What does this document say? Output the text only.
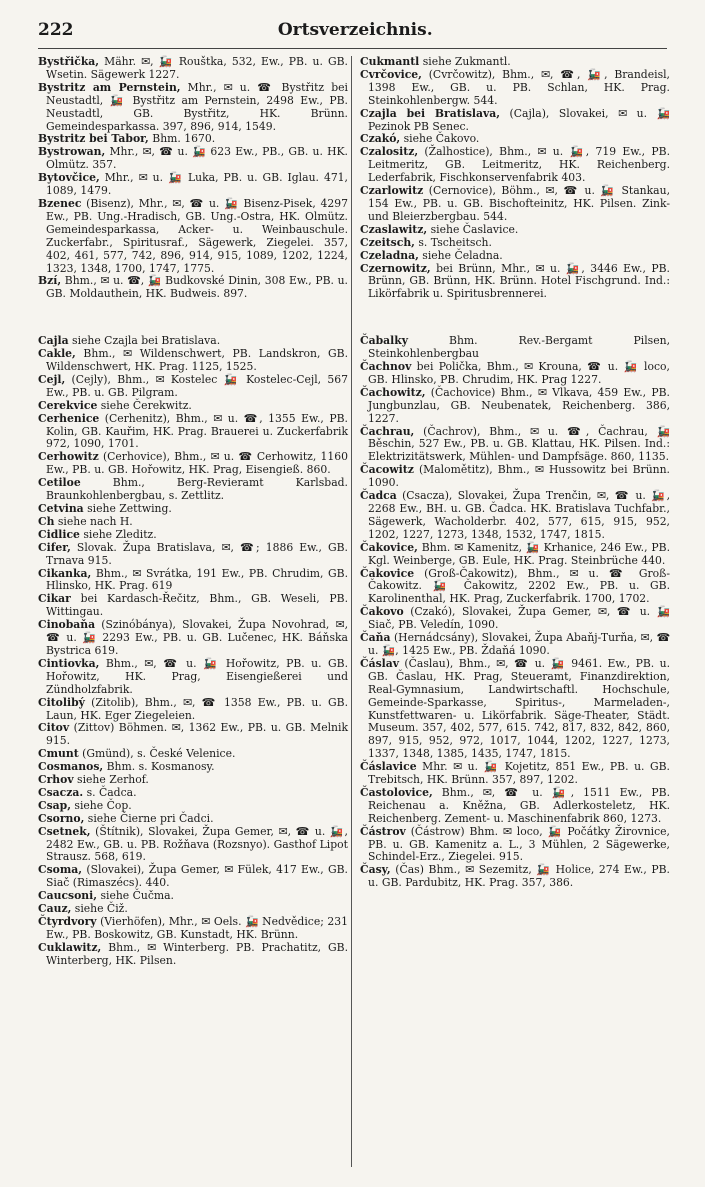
222	Ortsverzeichnis.

Bystřička, Mähr. ✉, 🚂 Rouštka, 532, Ew., PB. u. GB. Wsetin. Sägewerk 1227.

Bystritz am Pernstein, Mhr., ✉ u. ☎ Bystřitz bei Neustadtl, 🚂 Bystřitz am Pernstein, 2498 Ew., PB. Neustadtl, GB. Bystřitz, HK. Brünn. Gemeindesparkassa. 397, 896, 914, 1549.

Bystritz bei Tabor, Bhm. 1670.

Bystrowan, Mhr., ✉, ☎ u. 🚂 623 Ew., PB., GB. u. HK. Olmütz. 357.

Bytovčice, Mhr., ✉ u. 🚂 Luka, PB. u. GB. Iglau. 471, 1089, 1479.

Bzenec (Bisenz), Mhr., ✉, ☎ u. 🚂 Bisenz-Pisek, 4297 Ew., PB. Ung.-Hradisch, GB. Ung.-Ostra, HK. Olmütz. Gemeindesparkassa, Acker- u. Weinbauschule. Zuckerfabr., Spiritusraf., Sägewerk, Ziegelei. 357, 402, 461, 577, 742, 896, 914, 915, 1089, 1202, 1224, 1323, 1348, 1700, 1747, 1775.

Bzí, Bhm., ✉ u. ☎, 🚂 Budkovské Dinin, 308 Ew., PB. u. GB. Moldauthein, HK. Budweis. 897.

Cajla siehe Czajla bei Bratislava.

Cakle, Bhm., ✉ Wildenschwert, PB. Landskron, GB. Wildenschwert, HK. Prag. 1125, 1525.

Cejl, (Cejly), Bhm., ✉ Kostelec 🚂 Kostelec-Cejl, 567 Ew., PB. u. GB. Pilgram.

Cerekvice siehe Čerekwitz.

Cerhenice (Cerhenitz), Bhm., ✉ u. ☎, 1355 Ew., PB. Kolin, GB. Kauřim, HK. Prag. Brauerei u. Zuckerfabrik 972, 1090, 1701.

Cerhowitz (Cerhovice), Bhm., ✉ u. ☎ Cerhowitz, 1160 Ew., PB. u. GB. Hořowitz, HK. Prag, Eisengieß. 860.

Cetiloe Bhm., Berg-Revieramt Karlsbad. Braunkohlenbergbau, s. Zettlitz.

Cetvina siehe Zettwing.

Ch siehe nach H.

Cidlice siehe Zleditz.

Cifer, Slovak. Župa Bratislava, ✉, ☎; 1886 Ew., GB. Trnava 915.

Cikanka, Bhm., ✉ Svrátka, 191 Ew., PB. Chrudim, GB. Hlinsko, HK. Prag. 619

Cikar bei Kardasch-Řečitz, Bhm., GB. Weseli, PB. Wittingau.

Cinobaňa (Szinóbánya), Slovakei, Župa Novohrad, ✉, ☎ u. 🚂 2293 Ew., PB. u. GB. Lučenec, HK. Báňska Bystrica 619.

Cintiovka, Bhm., ✉, ☎ u. 🚂 Hořowitz, PB. u. GB. Hořowitz, HK. Prag, Eisengießerei und Zündholzfabrik.

Citolibý (Zitolib), Bhm., ✉, ☎ 1358 Ew., PB. u. GB. Laun, HK. Eger Ziegeleien.

Citov (Zittov) Böhmen. ✉, 1362 Ew., PB. u. GB. Melnik 915.

Cmunt (Gmünd), s. České Velenice.

Cosmanos, Bhm. s. Kosmanosy.

Crhov siehe Zerhof.

Csacza. s. Čadca.

Csap, siehe Čop.

Csorno, siehe Čierne pri Čadci.

Csetnek, (Štítnik), Slovakei, Župa Gemer, ✉, ☎ u. 🚂, 2482 Ew., GB. u. PB. Rožňava (Rozsnyo). Gasthof Lipot Strausz. 568, 619.

Csoma, (Slovakei), Župa Gemer, ✉ Fülek, 417 Ew., GB. Siač (Rimaszécs). 440.

Caucsoni, siehe Čučma.

Cauz, siehe Čiž.

Čtyrdvory (Vierhöfen), Mhr., ✉ Oels. 🚂 Nedvědice; 231 Ew., PB. Boskowitz, GB. Kunstadt, HK. Brünn.

Cuklawitz, Bhm., ✉ Winterberg. PB. Prachatitz, GB. Winterberg, HK. Pilsen.

Cukmantl siehe Zukmantl.

Cvrčovice, (Cvrčowitz), Bhm., ✉, ☎, 🚂, Brandeisl, 1398 Ew., GB. u. PB. Schlan, HK. Prag. Steinkohlenbergw. 544.

Czajla bei Bratislava, (Cajla), Slovakei, ✉ u. 🚂 Pezinok PB Senec.

Czakó, siehe Čakovo.

Czalositz, (Žalhostice), Bhm., ✉ u. 🚂, 719 Ew., PB. Leitmeritz, GB. Leitmeritz, HK. Reichenberg. Lederfabrik, Fischkonservenfabrik 403.

Czarlowitz (Cernovice), Böhm., ✉, ☎ u. 🚂 Stankau, 154 Ew., PB. u. GB. Bischofteinitz, HK. Pilsen. Zink- und Bleierzbergbau. 544.

Czaslawitz, siehe Časlavice.

Czeitsch, s. Tscheitsch.

Czeladna, siehe Čeladna.

Czernowitz, bei Brünn, Mhr., ✉ u. 🚂, 3446 Ew., PB. Brünn, GB. Brünn, HK. Brünn. Hotel Fischgrund. Ind.: Likörfabrik u. Spiritusbrennerei.

Čabalky Bhm. Rev.-Bergamt Pilsen, Steinkohlenbergbau

Čachnov bei Polička, Bhm., ✉ Krouna, ☎ u. 🚂 loco, GB. Hlinsko, PB. Chrudim, HK. Prag 1227.

Čachowitz, (Čachovice) Bhm., ✉ Vlkava, 459 Ew., PB. Jungbunzlau, GB. Neubenatek, Reichenberg. 386, 1227.

Čachrau, (Čachrov), Bhm., ✉ u. ☎, Čachrau, 🚂 Běschin, 527 Ew., PB. u. GB. Klattau, HK. Pilsen. Ind.: Elektrizitätswerk, Mühlen- und Dampfsäge. 860, 1135.

Čacowitz (Malomětitz), Bhm., ✉ Hussowitz bei Brünn. 1090.

Čadca (Csacza), Slovakei, Župa Trenčin, ✉, ☎ u. 🚂, 2268 Ew., BH. u. GB. Čadca. HK. Bratislava Tuchfabr., Sägewerk, Wacholderbr. 402, 577, 615, 915, 952, 1202, 1227, 1273, 1348, 1532, 1747, 1815.

Čakovice, Bhm. ✉ Kamenitz, 🚂 Krhanice, 246 Ew., PB. Kgl. Weinberge, GB. Eule, HK. Prag. Steinbrüche 440.

Čakovice (Groß-Čakowitz), Bhm., ✉ u. ☎ Groß-Čakowitz. 🚂 Čakowitz, 2202 Ew., PB. u. GB. Karolinenthal, HK. Prag, Zuckerfabrik. 1700, 1702.

Čakovo (Czakó), Slovakei, Župa Gemer, ✉, ☎ u. 🚂 Siač, PB. Veledín, 1090.

Čaňa (Hernádcsány), Slovakei, Župa Abaňj-Turňa, ✉, ☎ u. 🚂, 1425 Ew., PB. Ždaňá 1090.

Čáslav (Časlau), Bhm., ✉, ☎ u. 🚂 9461. Ew., PB. u. GB. Časlau, HK. Prag, Steueramt, Finanzdirektion, Real-Gymnasium, Landwirtschaftl. Hochschule, Gemeinde-Sparkasse, Spiritus-, Marmeladen-, Kunstfettwaren- u. Likörfabrik. Säge-Theater, Städt. Museum. 357, 402, 577, 615. 742, 817, 832, 842, 860, 897, 915, 952, 972, 1017, 1044, 1202, 1227, 1273, 1337, 1348, 1385, 1435, 1747, 1815.

Čáslavice Mhr. ✉ u. 🚂 Kojetitz, 851 Ew., PB. u. GB. Trebitsch, HK. Brünn. 357, 897, 1202.

Častolovice, Bhm., ✉, ☎ u. 🚂, 1511 Ew., PB. Reichenau a. Kněžna, GB. Adlerkosteletz, HK. Reichenberg. Zement- u. Maschinenfabrik 860, 1273.

Částrov (Částrow) Bhm. ✉ loco, 🚂 Počátky Žirovnice, PB. u. GB. Kamenitz a. L., 3 Mühlen, 2 Sägewerke, Schindel-Erz., Ziegelei. 915.

Časy, (Čas) Bhm., ✉ Sezemitz, 🚂 Holice, 274 Ew., PB. u. GB. Pardubitz, HK. Prag. 357, 386.
